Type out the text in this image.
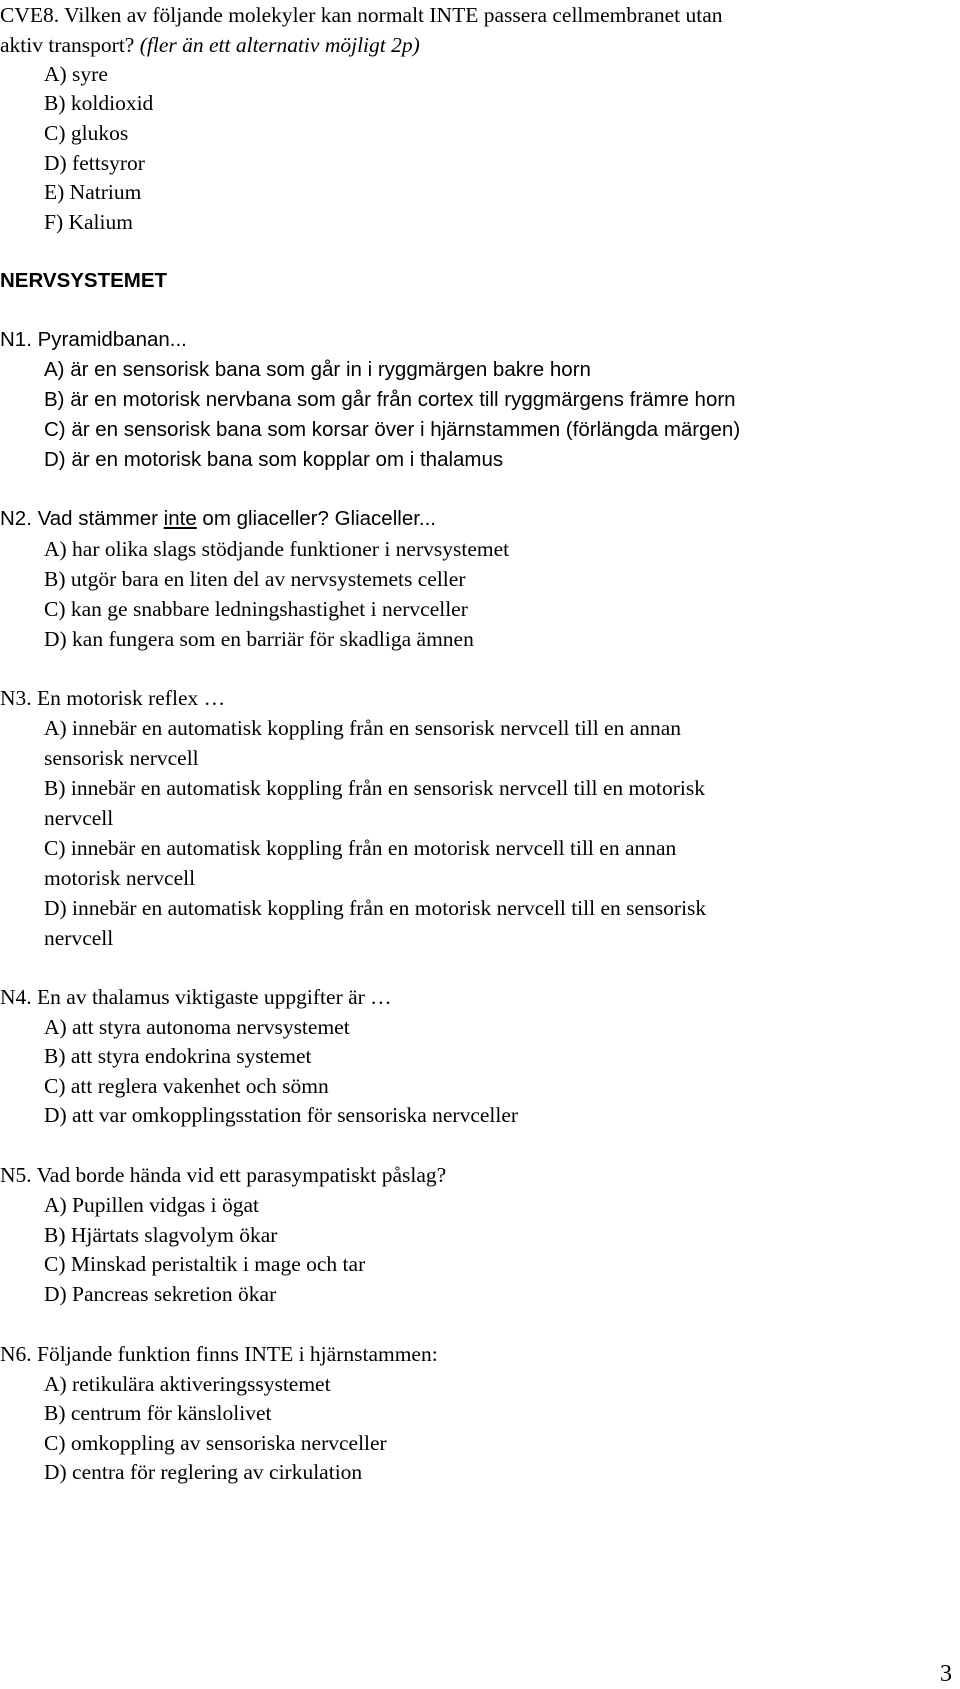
CVE8. Vilken av följande molekyler kan normalt INTE passera cellmembranet utan
aktiv transport? (fler än ett alternativ möjligt 2p)
A) syre
B) koldioxid
C) glukos
D) fettsyror
E) Natrium
F) Kalium
NERVSYSTEMET
N1. Pyramidbanan...
A) är en sensorisk bana som går in i ryggmärgen bakre horn
B) är en motorisk nervbana som går från cortex till ryggmärgens främre horn
C) är en sensorisk bana som korsar över i hjärnstammen (förlängda märgen)
D) är en motorisk bana som kopplar om i thalamus
N2. Vad stämmer inte om gliaceller? Gliaceller...
A) har olika slags stödjande funktioner i nervsystemet
B) utgör bara en liten del av nervsystemets celler
C) kan ge snabbare ledningshastighet i nervceller
D) kan fungera som en barriär för skadliga ämnen
N3. En motorisk reflex …
A) innebär en automatisk koppling från en sensorisk nervcell till en annan
sensorisk nervcell
B) innebär en automatisk koppling från en sensorisk nervcell till en motorisk
nervcell
C) innebär en automatisk koppling från en motorisk nervcell till en annan
motorisk nervcell
D) innebär en automatisk koppling från en motorisk nervcell till en sensorisk
nervcell
N4. En av thalamus viktigaste uppgifter är …
A) att styra autonoma nervsystemet
B) att styra endokrina systemet
C) att reglera vakenhet och sömn
D) att var omkopplingsstation för sensoriska nervceller
N5. Vad borde hända vid ett parasympatiskt påslag?
A) Pupillen vidgas i ögat
B) Hjärtats slagvolym ökar
C) Minskad peristaltik i mage och tar
D) Pancreas sekretion ökar
N6. Följande funktion finns INTE i hjärnstammen:
A) retikulära aktiveringssystemet
B) centrum för känslolivet
C) omkoppling av sensoriska nervceller
D) centra för reglering av cirkulation
3
